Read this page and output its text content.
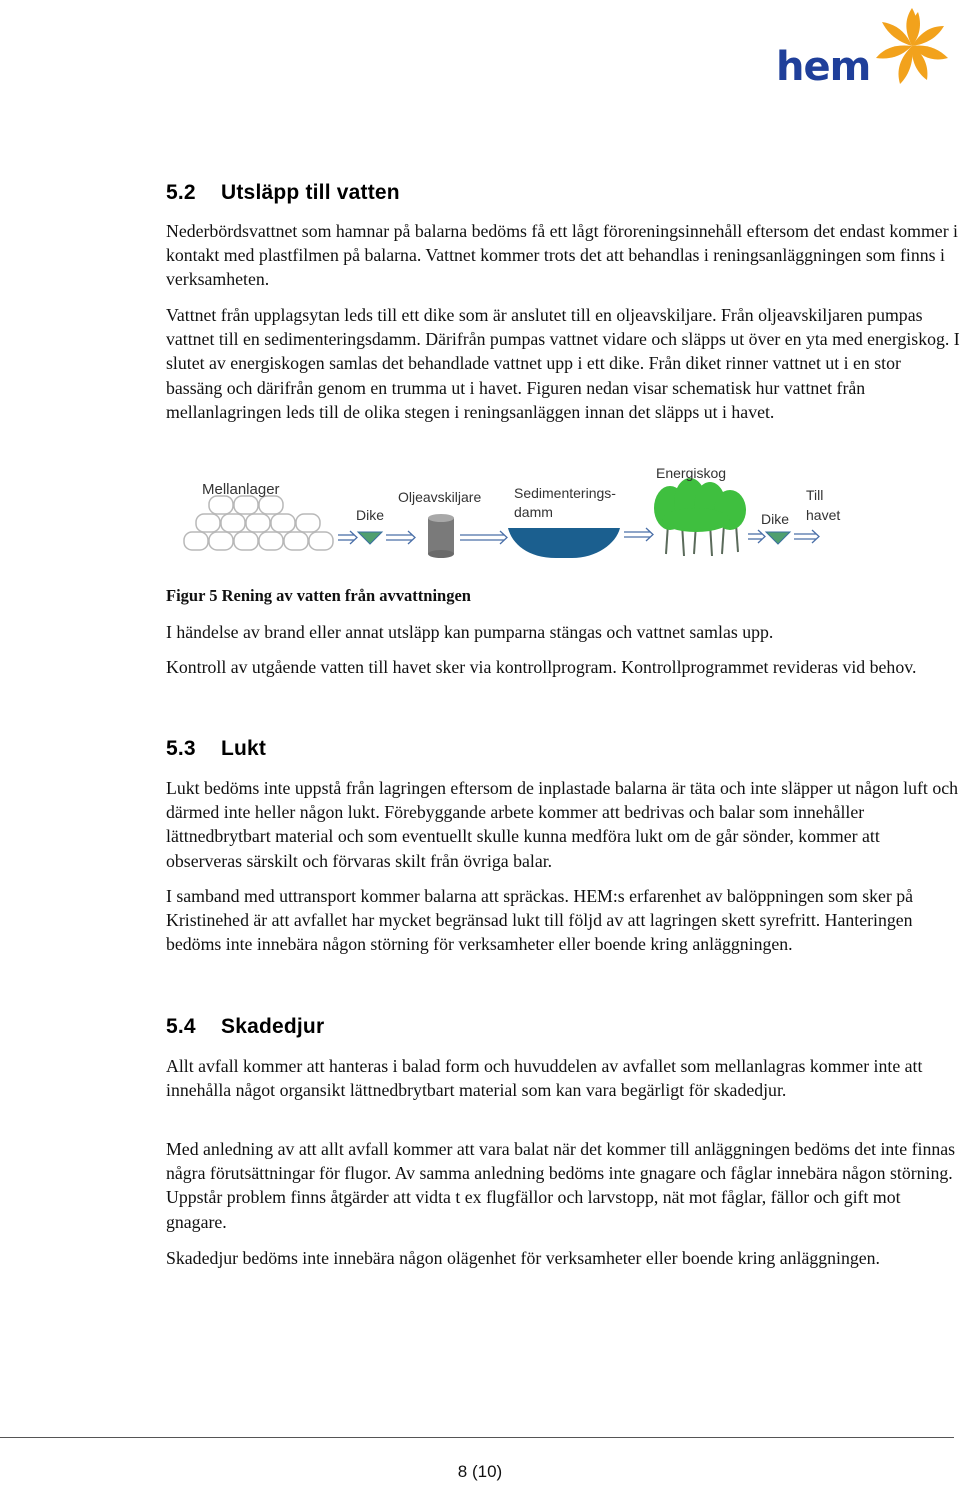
hem
5.2 Utsläpp till vatten

Nederbördsvattnet som hamnar på balarna bedöms få ett lågt föroreningsinnehåll eftersom det endast kommer i kontakt med plastfilmen på balarna. Vattnet kommer trots det att behandlas i reningsanläggningen som finns i verksamheten.

Vattnet från upplagsytan leds till ett dike som är anslutet till en oljeavskiljare. Från oljeavskiljaren pumpas vattnet till en sedimenteringsdamm. Därifrån pumpas vattnet vidare och släpps ut över en yta med energiskog. I slutet av energiskogen samlas det behandlade vattnet upp i ett dike. Från diket rinner vattnet ut i en stor bassäng och därifrån genom en trumma ut i havet. Figuren nedan visar schematisk hur vattnet från mellanlagringen leds till de olika stegen i reningsanläggen innan det släpps ut i havet.

Mellanlager
Dike
Oljeavskiljare Sedimenterings-
damm
Energiskog
Dike
Till
havet

Figur 5 Rening av vatten från avvattningen

I händelse av brand eller annat utsläpp kan pumparna stängas och vattnet samlas upp.

Kontroll av utgående vatten till havet sker via kontrollprogram. Kontrollprogrammet revideras vid behov.

5.3 Lukt

Lukt bedöms inte uppstå från lagringen eftersom de inplastade balarna är täta och inte släpper ut någon luft och därmed inte heller någon lukt. Förebyggande arbete kommer att bedrivas och balar som innehåller lättnedbrytbart material och som eventuellt skulle kunna medföra lukt om de går sönder, kommer att observeras särskilt och förvaras skilt från övriga balar.

I samband med uttransport kommer balarna att spräckas. HEM:s erfarenhet av balöppningen som sker på Kristinehed är att avfallet har mycket begränsad lukt till följd av att lagringen skett syrefritt. Hanteringen bedöms inte innebära någon störning för verksamheter eller boende kring anläggningen.

5.4 Skadedjur

Allt avfall kommer att hanteras i balad form och huvuddelen av avfallet som mellanlagras kommer inte att innehålla något organsikt lättnedbrytbart material som kan vara begärligt för skadedjur.

Med anledning av att allt avfall kommer att vara balat när det kommer till anläggningen bedöms det inte finnas några förutsättningar för flugor. Av samma anledning bedöms inte gnagare och fåglar innebära någon störning. Uppstår problem finns åtgärder att vidta t ex flugfällor och larvstopp, nät mot fåglar, fällor och gift mot gnagare.

Skadedjur bedöms inte innebära någon olägenhet för verksamheter eller boende kring anläggningen.

8 (10)
